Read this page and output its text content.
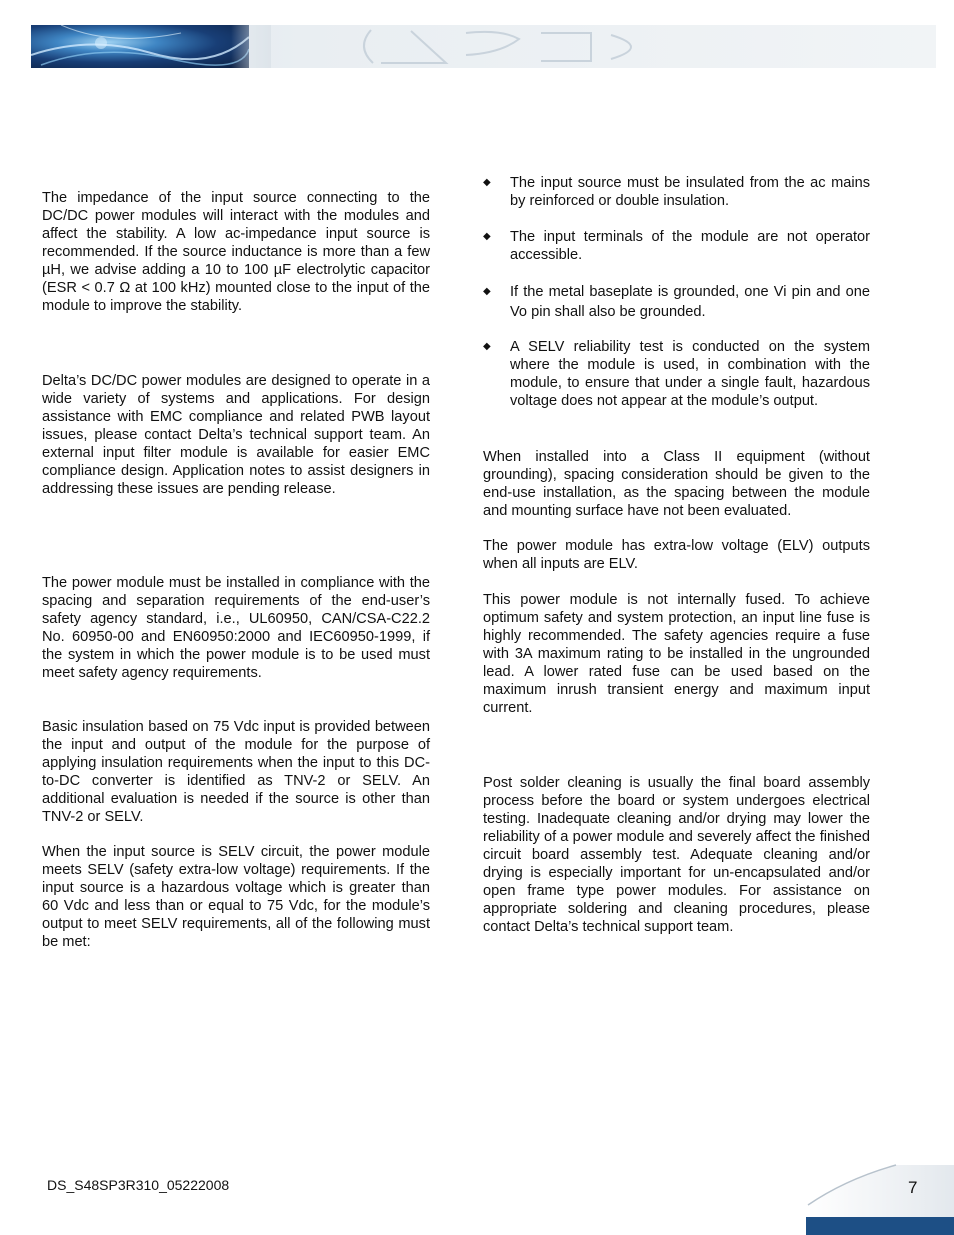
The impedance of the input source connecting to the DC/DC power modules will interact with the modules and affect the stability. A low ac-impedance input source is recommended. If the source inductance is more than a few µH, we advise adding a 10 to 100 µF electrolytic capacitor (ESR < 0.7 Ω at 100 kHz) mounted close to the input of the module to improve the stability.

Delta’s DC/DC power modules are designed to operate in a wide variety of systems and applications. For design assistance with EMC compliance and related PWB layout issues, please contact Delta’s technical support team. An external input filter module is available for easier EMC compliance design. Application notes to assist designers in addressing these issues are pending release.

The power module must be installed in compliance with the spacing and separation requirements of the end-user’s safety agency standard, i.e., UL60950, CAN/CSA-C22.2 No. 60950-00 and EN60950:2000 and IEC60950-1999, if the system in which the power module is to be used must meet safety agency requirements.

Basic insulation based on 75 Vdc input is provided between the input and output of the module for the purpose of applying insulation requirements when the input to this DC-to-DC converter is identified as TNV-2 or SELV. An additional evaluation is needed if the source is other than TNV-2 or SELV.

When the input source is SELV circuit, the power module meets SELV (safety extra-low voltage) requirements. If the input source is a hazardous voltage which is greater than 60 Vdc and less than or equal to 75 Vdc, for the module’s output to meet SELV requirements, all of the following must be met:

◆ The input source must be insulated from the ac mains by reinforced or double insulation.
◆ The input terminals of the module are not operator accessible.
◆ If the metal baseplate is grounded, one Vi pin and one Vo pin shall also be grounded.
◆ A SELV reliability test is conducted on the system where the module is used, in combination with the module, to ensure that under a single fault, hazardous voltage does not appear at the module’s output.

When installed into a Class II equipment (without grounding), spacing consideration should be given to the end-use installation, as the spacing between the module and mounting surface have not been evaluated.

The power module has extra-low voltage (ELV) outputs when all inputs are ELV.

This power module is not internally fused. To achieve optimum safety and system protection, an input line fuse is highly recommended. The safety agencies require a fuse with 3A maximum rating to be installed in the ungrounded lead. A lower rated fuse can be used based on the maximum inrush transient energy and maximum input current.

Post solder cleaning is usually the final board assembly process before the board or system undergoes electrical testing. Inadequate cleaning and/or drying may lower the reliability of a power module and severely affect the finished circuit board assembly test. Adequate cleaning and/or drying is especially important for un-encapsulated and/or open frame type power modules. For assistance on appropriate soldering and cleaning procedures, please contact Delta’s technical support team.

DS_S48SP3R310_05222008	7
